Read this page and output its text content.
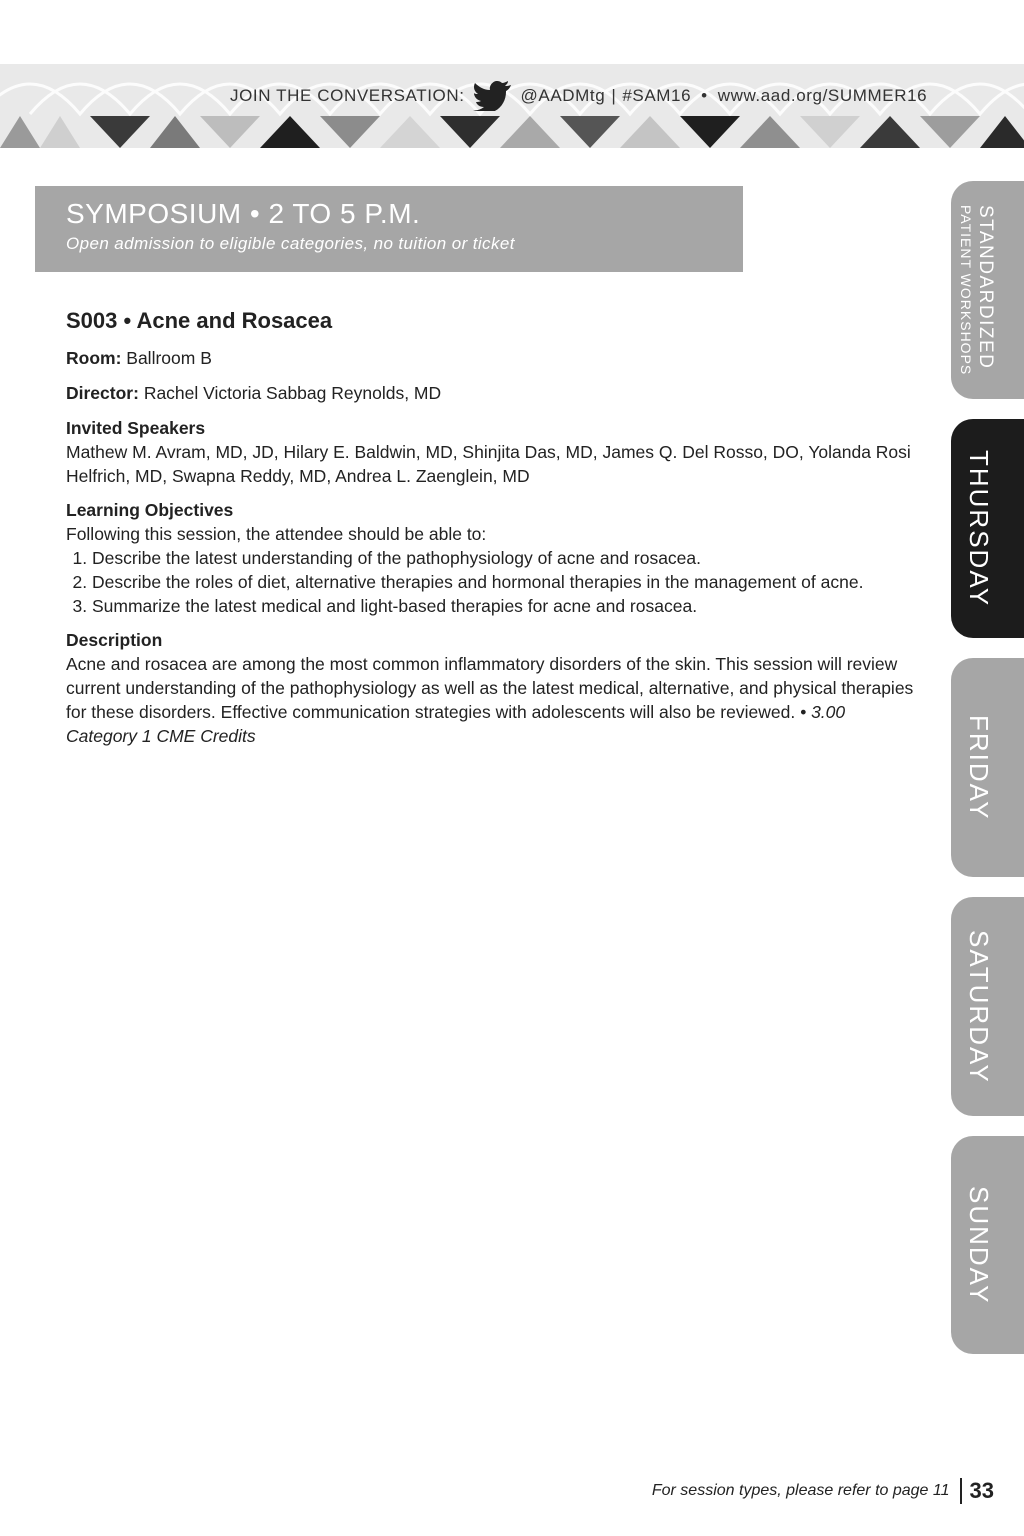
JOIN THE CONVERSATION:	@AADMtg | #SAM16 • www.aad.org/SUMMER16
SYMPOSIUM • 2 TO 5 P.M.
Open admission to eligible categories, no tuition or ticket
S003 • Acne and Rosacea
Room: Ballroom B
Director: Rachel Victoria Sabbag Reynolds, MD
Invited Speakers
Mathew M. Avram, MD, JD, Hilary E. Baldwin, MD, Shinjita Das, MD, James Q. Del Rosso, DO, Yolanda Rosi Helfrich, MD, Swapna Reddy, MD, Andrea L. Zaenglein, MD
Learning Objectives
Following this session, the attendee should be able to:
1. Describe the latest understanding of the pathophysiology of acne and rosacea.
2. Describe the roles of diet, alternative therapies and hormonal therapies in the management of acne.
3. Summarize the latest medical and light-based therapies for acne and rosacea.
Description
Acne and rosacea are among the most common inflammatory disorders of the skin. This session will review current understanding of the pathophysiology as well as the latest medical, alternative, and physical therapies for these disorders. Effective communication strategies with adolescents will also be reviewed. • 3.00 Category 1 CME Credits
STANDARDIZED
PATIENT WORKSHOPS
THURSDAY
FRIDAY
SATURDAY
SUNDAY
For session types, please refer to page 11 33
